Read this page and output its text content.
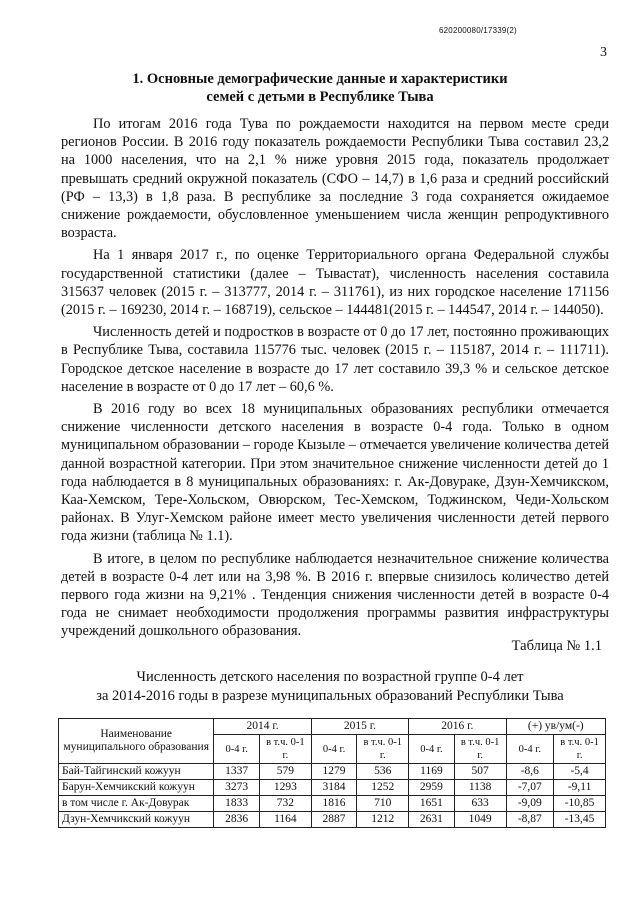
620200080/17339(2)
3
1. Основные демографические данные и характеристики
семей с детьми в Республике Тыва

По итогам 2016 года Тува по рождаемости находится на первом месте среди регионов России. В 2016 году показатель рождаемости Республики Тыва составил 23,2 на 1000 населения, что на 2,1 % ниже уровня 2015 года, показатель продолжает превышать средний окружной показатель (СФО – 14,7) в 1,6 раза и средний российский (РФ – 13,3) в 1,8 раза. В республике за последние 3 года сохраняется ожидаемое снижение рождаемости, обусловленное уменьшением числа женщин репродуктивного возраста.

На 1 января 2017 г., по оценке Территориального органа Федеральной службы государственной статистики (далее – Тывастат), численность населения составила 315637 человек (2015 г. – 313777, 2014 г. – 311761), из них городское население 171156 (2015 г. – 169230, 2014 г. – 168719), сельское – 144481(2015 г. – 144547, 2014 г. – 144050).

Численность детей и подростков в возрасте от 0 до 17 лет, постоянно проживающих в Республике Тыва, составила 115776 тыс. человек (2015 г. – 115187, 2014 г. – 111711). Городское детское население в возрасте до 17 лет составило 39,3 % и сельское детское население в возрасте от 0 до 17 лет – 60,6 %.

В 2016 году во всех 18 муниципальных образованиях республики отмечается снижение численности детского населения в возрасте 0-4 года. Только в одном муниципальном образовании – городе Кызыле – отмечается увеличение количества детей данной возрастной категории. При этом значительное снижение численности детей до 1 года наблюдается в 8 муниципальных образованиях: г. Ак-Довураке, Дзун-Хемчикском, Каа-Хемском, Тере-Хольском, Овюрском, Тес-Хемском, Тоджинском, Чеди-Хольском районах. В Улуг-Хемском районе имеет место увеличения численности детей первого года жизни (таблица № 1.1).

В итоге, в целом по республике наблюдается незначительное снижение количества детей в возрасте 0-4 лет или на 3,98 %. В 2016 г. впервые снизилось количество детей первого года жизни на 9,21% . Тенденция снижения численности детей в возрасте 0-4 года не снимает необходимости продолжения программы развития инфраструктуры учреждений дошкольного образования.

Таблица № 1.1
Численность детского населения по возрастной группе 0-4 лет
за 2014-2016 годы в разрезе муниципальных образований Республики Тыва
Наименование муниципального образования	2014 г.		2015 г.		2016 г.		(+) ув/ум(-)	
	0-4 г.	в т.ч. 0-1 г.	0-4 г.	в т.ч. 0-1 г.	0-4 г.	в т.ч. 0-1 г.	0-4 г.	в т.ч. 0-1 г.
Бай-Тайгинский кожуун	1337	579	1279	536	1169	507	-8,6	-5,4
Барун-Хемчикский кожуун	3273	1293	3184	1252	2959	1138	-7,07	-9,11
в том числе г. Ак-Довурак	1833	732	1816	710	1651	633	-9,09	-10,85
Дзун-Хемчикский кожуун	2836	1164	2887	1212	2631	1049	-8,87	-13,45
